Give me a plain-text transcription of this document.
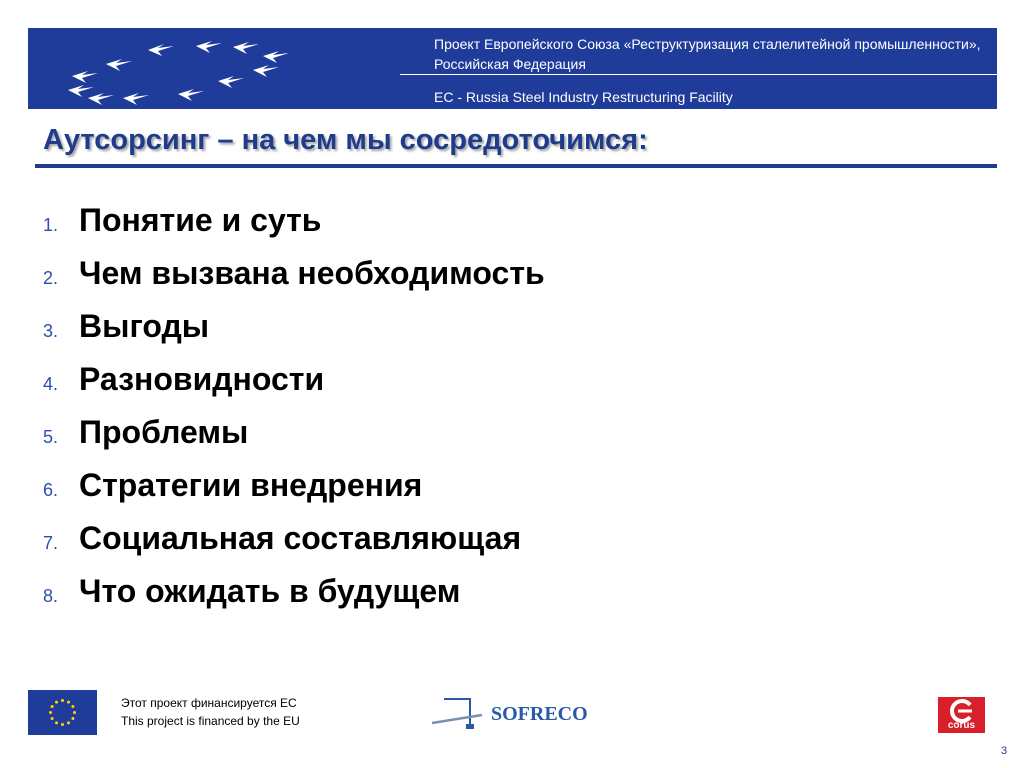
Проект Европейского Союза «Реструктуризация сталелитейной промышленности», Российская Федерация
EC - Russia Steel Industry Restructuring Facility
Аутсорсинг – на чем мы сосредоточимся:
1. Понятие и суть
2. Чем вызвана необходимость
3. Выгоды
4. Разновидности
5. Проблемы
6. Стратегии внедрения
7. Социальная составляющая
8. Что ожидать в будущем
Этот проект финансируется ЕС
This project is financed by the EU	SOFRECO
corus
3
